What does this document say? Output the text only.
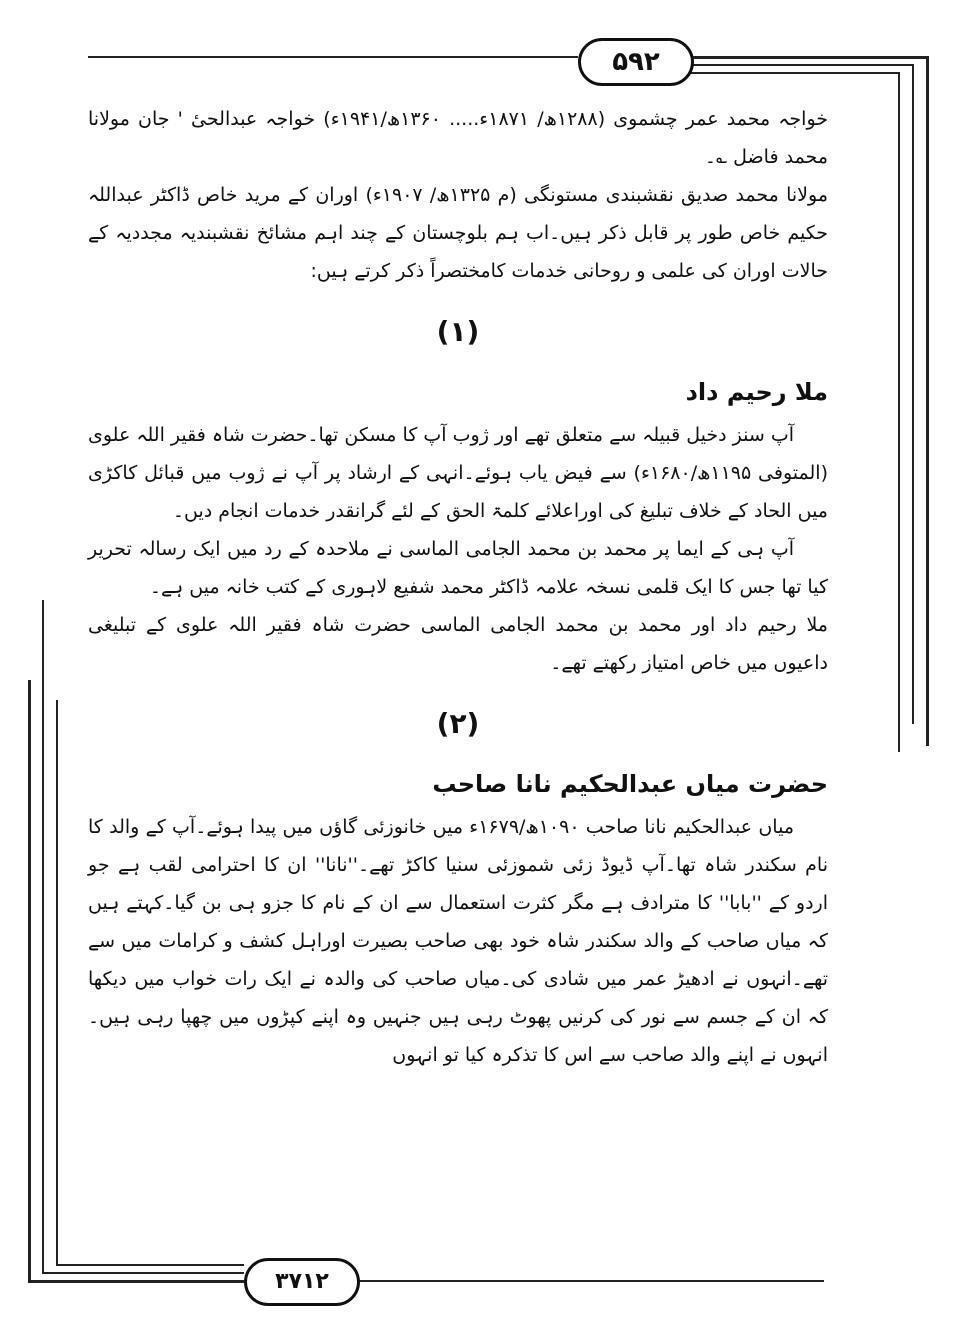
۵۹۲
۳۷۱۲

خواجہ محمد عمر چشموی (۱۲۸۸ھ/ ۱۸۷۱ء..... ۱۳۶۰ھ/۱۹۴۱ء) خواجہ عبدالحیٔ ' جان مولانا محمد فاضل ؎۔

مولانا محمد صدیق نقشبندی مستونگی (م ۱۳۲۵ھ/ ۱۹۰۷ء) اوران کے مرید خاص ڈاکٹر عبداللہ حکیم خاص طور پر قابل ذکر ہیں۔اب ہم بلوچستان کے چند اہم مشائخ نقشبندیہ مجددیہ کے حالات اوران کی علمی و روحانی خدمات کامختصراً ذکر کرتے ہیں:

(۱)
ملا رحیم داد

آپ سنز دخیل قبیلہ سے متعلق تھے اور ژوب آپ کا مسکن تھا۔حضرت شاہ فقیر اللہ علوی (المتوفی ۱۱۹۵ھ/۱۶۸۰ء) سے فیض یاب ہوئے۔انہی کے ارشاد پر آپ نے ژوب میں قبائل کاکڑی میں الحاد کے خلاف تبلیغ کی اوراعلائے کلمۃ الحق کے لئے گرانقدر خدمات انجام دیں۔

آپ ہی کے ایما پر محمد بن محمد الجامی الماسی نے ملاحدہ کے رد میں ایک رسالہ تحریر کیا تھا جس کا ایک قلمی نسخہ علامہ ڈاکٹر محمد شفیع لاہوری کے کتب خانہ میں ہے۔

ملا رحیم داد اور محمد بن محمد الجامی الماسی حضرت شاہ فقیر اللہ علوی کے تبلیغی داعیوں میں خاص امتیاز رکھتے تھے۔

(۲)
حضرت میاں عبدالحکیم نانا صاحب

میاں عبدالحکیم نانا صاحب ۱۰۹۰ھ/۱۶۷۹ء میں خانوزئی گاؤں میں پیدا ہوئے۔آپ کے والد کا نام سکندر شاہ تھا۔آپ ڈیوڈ زئی شموزئی سنیا کاکڑ تھے۔''نانا'' ان کا احترامی لقب ہے جو اردو کے ''بابا'' کا مترادف ہے مگر کثرت استعمال سے ان کے نام کا جزو ہی بن گیا۔کہتے ہیں کہ میاں صاحب کے والد سکندر شاہ خود بھی صاحب بصیرت اوراہل کشف و کرامات میں سے تھے۔انہوں نے ادھیڑ عمر میں شادی کی۔میاں صاحب کی والدہ نے ایک رات خواب میں دیکھا کہ ان کے جسم سے نور کی کرنیں پھوٹ رہی ہیں جنہیں وہ اپنے کپڑوں میں چھپا رہی ہیں۔انہوں نے اپنے والد صاحب سے اس کا تذکرہ کیا تو انہوں
